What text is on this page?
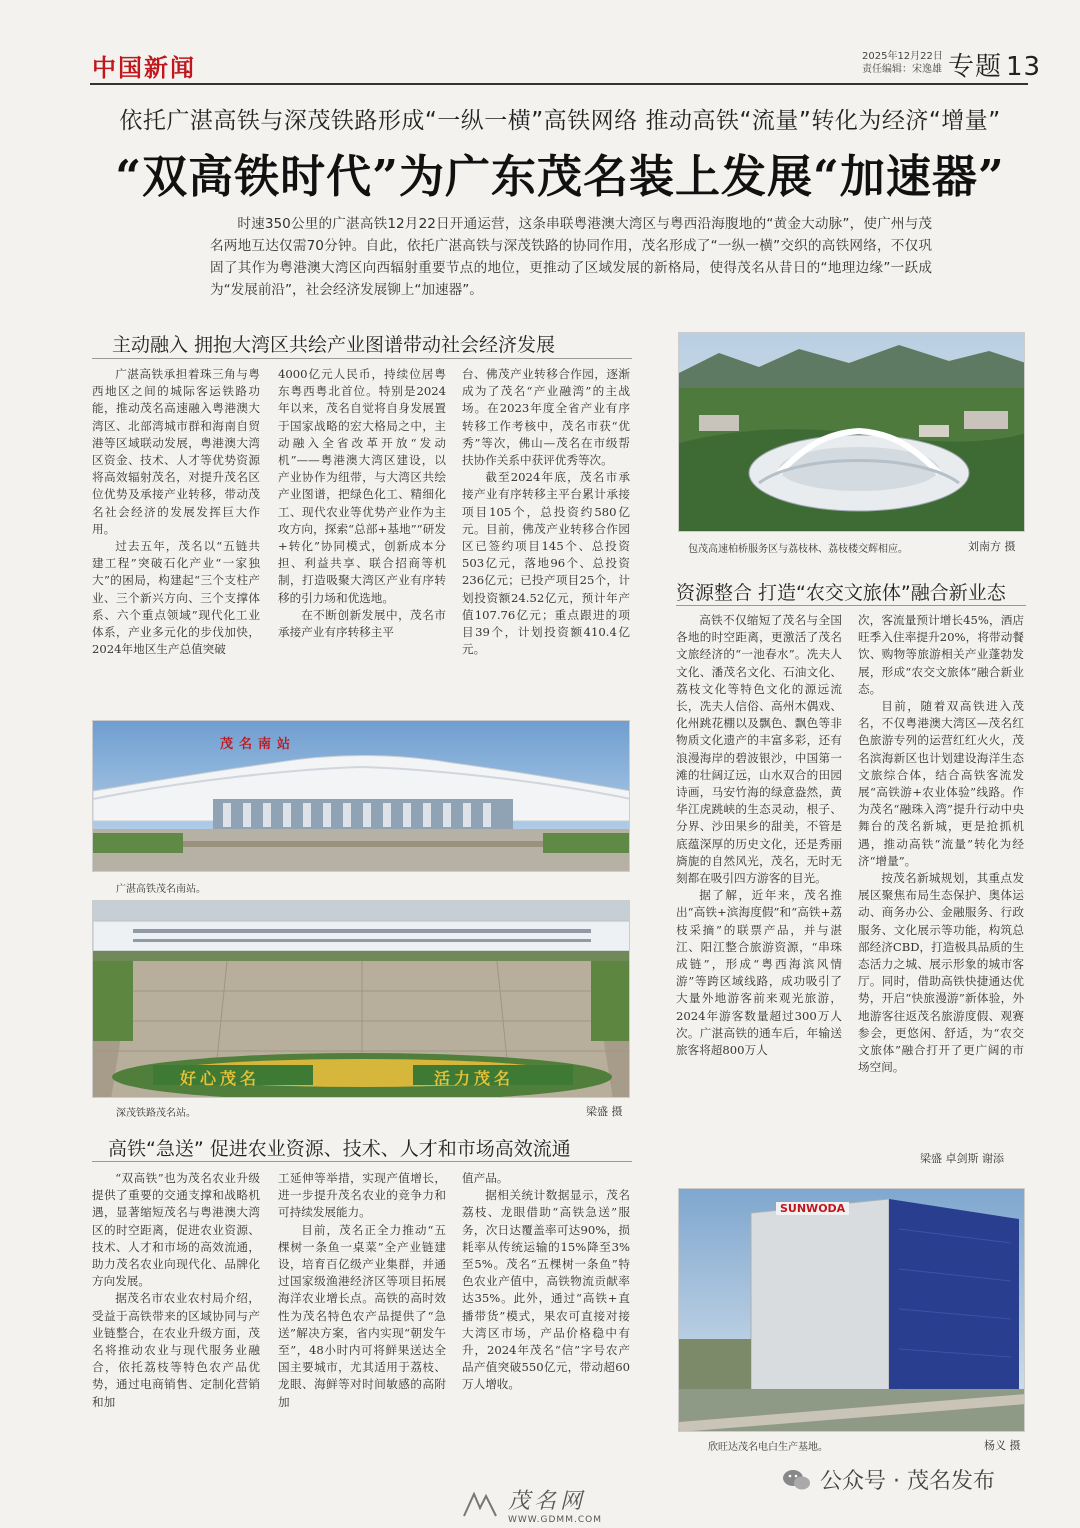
中国新闻	2025年12月22日
责任编辑：宋逸雄 专题 13
依托广湛高铁与深茂铁路形成“一纵一横”高铁网络 推动高铁“流量”转化为经济“增量”
“双高铁时代”为广东茂名装上发展“加速器”
时速350公里的广湛高铁12月22日开通运营，这条串联粤港澳大湾区与粤西沿海腹地的“黄金大动脉”，使广州与茂名两地互达仅需70分钟。自此，依托广湛高铁与深茂铁路的协同作用，茂名形成了“一纵一横”交织的高铁网络，不仅巩固了其作为粤港澳大湾区向西辐射重要节点的地位，更推动了区域发展的新格局，使得茂名从昔日的“地理边缘”一跃成为“发展前沿”，社会经济发展铆上“加速器”。
主动融入 拥抱大湾区共绘产业图谱带动社会经济发展

广湛高铁承担着珠三角与粤西地区之间的城际客运铁路功能，推动茂名高速融入粤港澳大湾区、北部湾城市群和海南自贸港等区域联动发展，粤港澳大湾区资金、技术、人才等优势资源将高效辐射茂名，对提升茂名区位优势及承接产业转移，带动茂名社会经济的发展发挥巨大作用。

过去五年，茂名以“五链共建工程”突破石化产业“一家独大”的困局，构建起“三个支柱产业、三个新兴方向、三个支撑体系、六个重点领域”现代化工业体系，产业多元化的步伐加快，2024年地区生产总值突破

4000亿元人民币，持续位居粤东粤西粤北首位。特别是2024年以来，茂名自觉将自身发展置于国家战略的宏大格局之中，主动融入全省改革开放“发动机”——粤港澳大湾区建设，以产业协作为纽带，与大湾区共绘产业图谱，把绿色化工、精细化工、现代农业等优势产业作为主攻方向，探索“总部+基地”“研发+转化”协同模式，创新成本分担、利益共享、联合招商等机制，打造吸聚大湾区产业有序转移的引力场和优选地。

在不断创新发展中，茂名市承接产业有序转移主平

台、佛茂产业转移合作园，逐渐成为了茂名“产业融湾”的主战场。在2023年度全省产业有序转移工作考核中，茂名市获“优秀”等次，佛山—茂名在市级帮扶协作关系中获评优秀等次。

截至2024年底，茂名市承接产业有序转移主平台累计承接项目105个，总投资约580亿元。目前，佛茂产业转移合作园区已签约项目145个、总投资503亿元，落地96个、总投资236亿元；已投产项目25个，计划投资额24.52亿元，预计年产值107.76亿元；重点跟进的项目39个，计划投资额410.4亿元。

包茂高速柏桥服务区与荔枝林、荔枝楼交辉相应。	刘南方 摄
资源整合 打造“农交文旅体”融合新业态

高铁不仅缩短了茂名与全国各地的时空距离，更激活了茂名文旅经济的“一池春水”。冼夫人文化、潘茂名文化、石油文化、荔枝文化等特色文化的源远流长，冼夫人信俗、高州木偶戏、化州跳花棚以及飘色、飘色等非物质文化遗产的丰富多彩，还有浪漫海岸的碧波银沙，中国第一滩的壮阔辽远，山水双合的田园诗画，马安竹海的绿意盎然，黄华江虎跳峡的生态灵动，根子、分界、沙田果乡的甜美，不管是底蕴深厚的历史文化，还是秀丽旖旎的自然风光，茂名，无时无刻都在吸引四方游客的目光。

据了解，近年来，茂名推出“高铁+滨海度假”和“高铁+荔枝采摘”的联票产品，并与湛江、阳江整合旅游资源，“串珠成链”，形成“粤西海滨风情游”等跨区域线路，成功吸引了大量外地游客前来观光旅游，2024年游客数量超过300万人次。广湛高铁的通车后，年输送旅客将超800万人

次，客流量预计增长45%，酒店旺季入住率提升20%，将带动餐饮、购物等旅游相关产业蓬勃发展，形成“农交文旅体”融合新业态。

目前，随着双高铁进入茂名，不仅粤港澳大湾区—茂名红色旅游专列的运营红红火火，茂名滨海新区也计划建设海洋生态文旅综合体，结合高铁客流发展“高铁游+农业体验”线路。作为茂名“融珠入湾”提升行动中央舞台的茂名新城，更是抢抓机遇，推动高铁“流量”转化为经济“增量”。

按茂名新城规划，其重点发展区聚焦布局生态保护、奥体运动、商务办公、金融服务、行政服务、文化展示等功能，构筑总部经济CBD，打造极具品质的生态活力之城、展示形象的城市客厅。同时，借助高铁快捷通达优势，开启“快旅漫游”新体验，外地游客往返茂名旅游度假、观赛参会，更悠闲、舒适，为“农交文旅体”融合打开了更广阔的市场空间。

梁盛 卓剑斯 谢添
茂名南站
广湛高铁茂名南站。
好心茂名	活力茂名
深茂铁路茂名站。	梁盛 摄
高铁“急送” 促进农业资源、技术、人才和市场高效流通

“双高铁”也为茂名农业升级提供了重要的交通支撑和战略机遇，显著缩短茂名与粤港澳大湾区的时空距离，促进农业资源、技术、人才和市场的高效流通，助力茂名农业向现代化、品牌化方向发展。

据茂名市农业农村局介绍，受益于高铁带来的区域协同与产业链整合，在农业升级方面，茂名将推动农业与现代服务业融合，依托荔枝等特色农产品优势，通过电商销售、定制化营销和加

工延伸等举措，实现产值增长，进一步提升茂名农业的竞争力和可持续发展能力。

目前，茂名正全力推动“五棵树一条鱼一桌菜”全产业链建设，培育百亿级产业集群，并通过国家级渔港经济区等项目拓展海洋农业增长点。高铁的高时效性为茂名特色农产品提供了“急送”解决方案，省内实现“朝发午至”，48小时内可将鲜果送达全国主要城市，尤其适用于荔枝、龙眼、海鲜等对时间敏感的高附加

值产品。

据相关统计数据显示，茂名荔枝、龙眼借助“高铁急送”服务，次日达覆盖率可达90%，损耗率从传统运输的15%降至3%至5%。茂名“五棵树一条鱼”特色农业产值中，高铁物流贡献率达35%。此外，通过“高铁+直播带货”模式，果农可直接对接大湾区市场，产品价格稳中有升，2024年茂名“信”字号农产品产值突破550亿元，带动超60万人增收。

SUNWODA
欣旺达茂名电白生产基地。	杨义 摄
公众号 · 茂名发布
茂名网
WWW.GDMM.COM
